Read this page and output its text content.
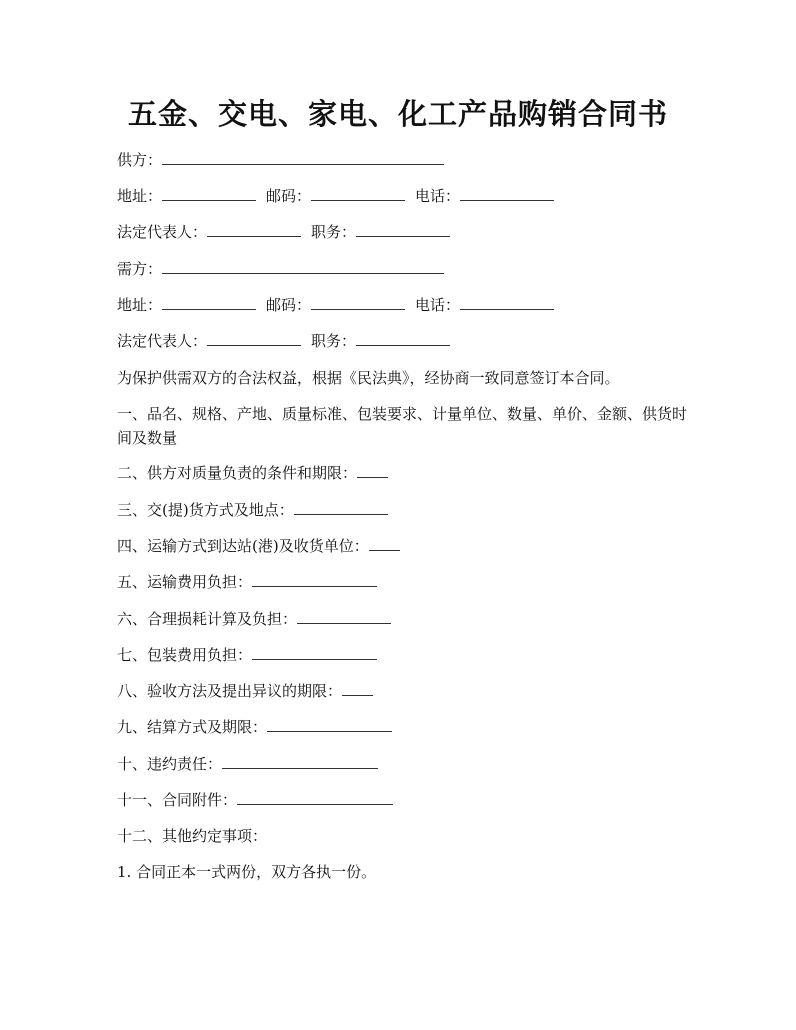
五金、交电、家电、化工产品购销合同书
供方：
地址：	邮码：	电话：
法定代表人：	职务：
需方：
地址：	邮码：	电话：
法定代表人：	职务：
为保护供需双方的合法权益，根据《民法典》，经协商一致同意签订本合同。
一、品名、规格、产地、质量标准、包装要求、计量单位、数量、单价、金额、供货时间及数量
二、供方对质量负责的条件和期限：
三、交(提)货方式及地点：
四、运输方式到达站(港)及收货单位：
五、运输费用负担：
六、合理损耗计算及负担：
七、包装费用负担：
八、验收方法及提出异议的期限：
九、结算方式及期限：
十、违约责任：
十一、合同附件：
十二、其他约定事项：
1. 合同正本一式两份，双方各执一份。
